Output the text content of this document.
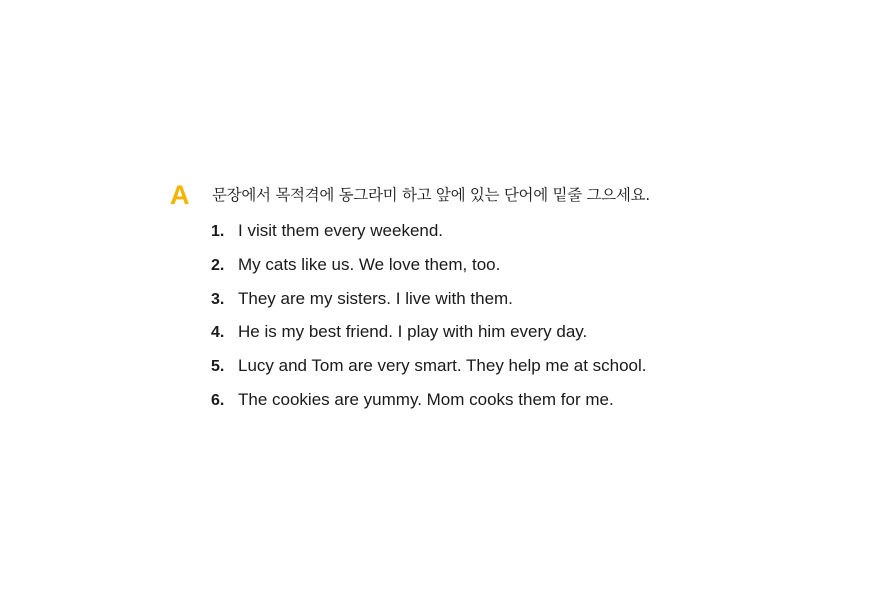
A	문장에서 목적격에 동그라미 하고 앞에 있는 단어에 밑줄 그으세요.
1. I visit them every weekend.
2. My cats like us. We love them, too.
3. They are my sisters. I live with them.
4. He is my best friend. I play with him every day.
5. Lucy and Tom are very smart. They help me at school.
6. The cookies are yummy. Mom cooks them for me.
